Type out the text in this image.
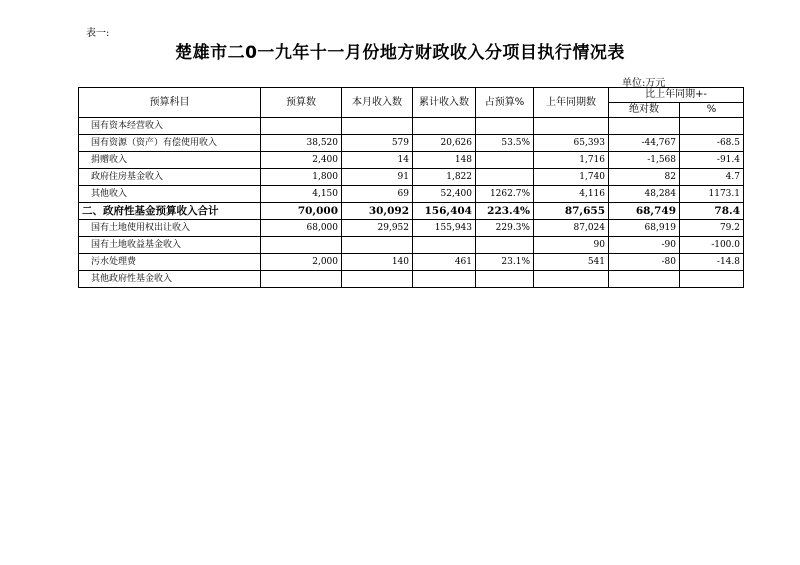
表一:
楚雄市二0一九年十一月份地方财政收入分项目执行情况表
单位:万元
预算科目	预算数	本月收入数	累计收入数	占预算%	上年同期数	比上年同期+-	
						绝对数	%
国有资本经营收入							
国有资源（资产）有偿使用收入	38,520	579	20,626	53.5%	65,393	-44,767	-68.5
捐赠收入	2,400	14	148		1,716	-1,568	-91.4
政府住房基金收入	1,800	91	1,822		1,740	82	4.7
其他收入	4,150	69	52,400	1262.7%	4,116	48,284	1173.1
二、政府性基金预算收入合计	70,000	30,092	156,404	223.4%	87,655	68,749	78.4
国有土地使用权出让收入	68,000	29,952	155,943	229.3%	87,024	68,919	79.2
国有土地收益基金收入					90	-90	-100.0
污水处理费	2,000	140	461	23.1%	541	-80	-14.8
其他政府性基金收入							
